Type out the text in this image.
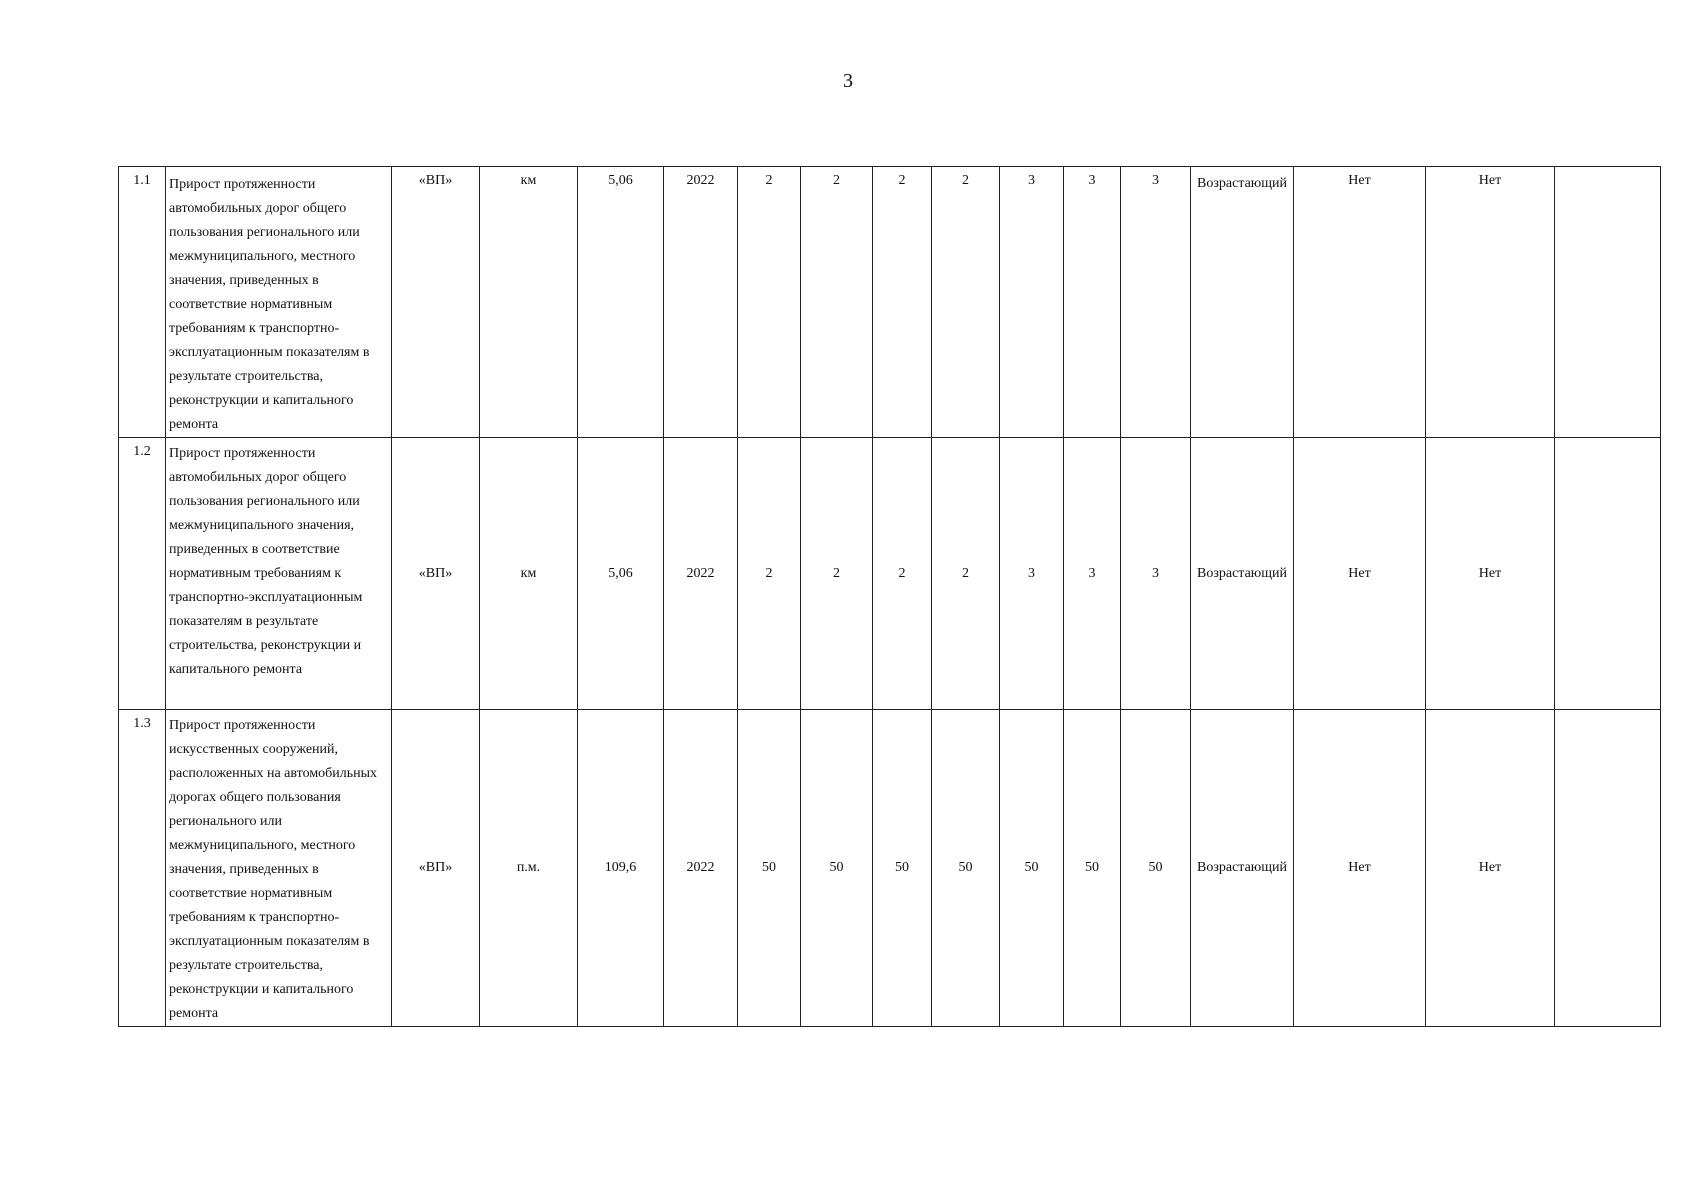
3
1.1	Прирост протяженности автомобильных дорог общего пользования регионального или межмуниципального, местного значения, приведенных в соответствие нормативным требованиям к транспортно-эксплуатационным показателям в результате строительства, реконструкции и капитального ремонта	«ВП»	км	5,06	2022	2	2	2	2	3	3	3	Возрастающий	Нет	Нет	
1.2	Прирост протяженности автомобильных дорог общего пользования регионального или межмуниципального значения, приведенных в соответствие нормативным требованиям к транспортно-эксплуатационным показателям в результате строительства, реконструкции и капитального ремонта	«ВП»	км	5,06	2022	2	2	2	2	3	3	3	Возрастающий	Нет	Нет	
1.3	Прирост протяженности искусственных сооружений, расположенных на автомобильных дорогах общего пользования регионального или межмуниципального, местного значения, приведенных в соответствие нормативным требованиям к транспортно-эксплуатационным показателям в результате строительства, реконструкции и капитального ремонта	«ВП»	п.м.	109,6	2022	50	50	50	50	50	50	50	Возрастающий	Нет	Нет	
